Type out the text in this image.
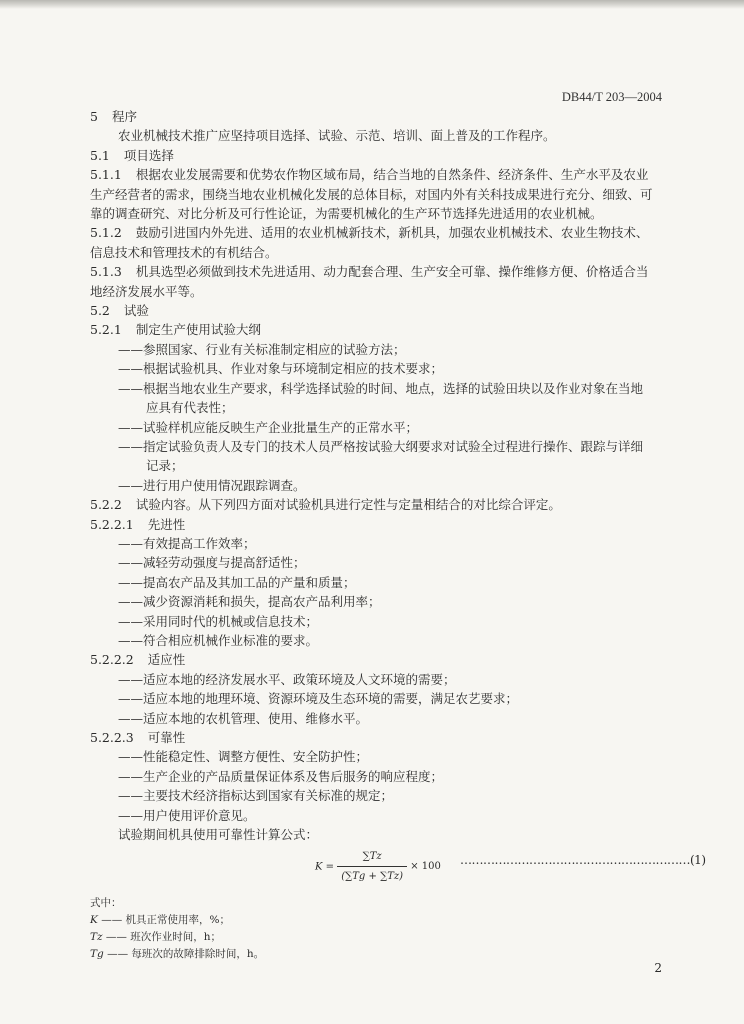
DB44/T 203—2004

5 程序

农业机械技术推广应坚持项目选择、试验、示范、培训、面上普及的工作程序。

5.1 项目选择

5.1.1 根据农业发展需要和优势农作物区域布局，结合当地的自然条件、经济条件、生产水平及农业

生产经营者的需求，围绕当地农业机械化发展的总体目标，对国内外有关科技成果进行充分、细致、可

靠的调查研究、对比分析及可行性论证，为需要机械化的生产环节选择先进适用的农业机械。

5.1.2 鼓励引进国内外先进、适用的农业机械新技术，新机具，加强农业机械技术、农业生物技术、

信息技术和管理技术的有机结合。

5.1.3 机具选型必须做到技术先进适用、动力配套合理、生产安全可靠、操作维修方便、价格适合当

地经济发展水平等。

5.2 试验

5.2.1 制定生产使用试验大纲

——参照国家、行业有关标准制定相应的试验方法；

——根据试验机具、作业对象与环境制定相应的技术要求；

——根据当地农业生产要求，科学选择试验的时间、地点，选择的试验田块以及作业对象在当地

应具有代表性；

——试验样机应能反映生产企业批量生产的正常水平；

——指定试验负责人及专门的技术人员严格按试验大纲要求对试验全过程进行操作、跟踪与详细

记录；

——进行用户使用情况跟踪调查。

5.2.2 试验内容。从下列四方面对试验机具进行定性与定量相结合的对比综合评定。

5.2.2.1 先进性

——有效提高工作效率；

——减轻劳动强度与提高舒适性；

——提高农产品及其加工品的产量和质量；

——减少资源消耗和损失，提高农产品利用率；

——采用同时代的机械或信息技术；

——符合相应机械作业标准的要求。

5.2.2.2 适应性

——适应本地的经济发展水平、政策环境及人文环境的需要；

——适应本地的地理环境、资源环境及生态环境的需要，满足农艺要求；

——适应本地的农机管理、使用、维修水平。

5.2.2.3 可靠性

——性能稳定性、调整方便性、安全防护性；

——生产企业的产品质量保证体系及售后服务的响应程度；

——主要技术经济指标达到国家有关标准的规定；

——用户使用评价意见。

试验期间机具使用可靠性计算公式：
$K = \frac{\sum Tz}{(\sum Tg + \sum Tz)} \times 100$ ……………………………………………………(1)

式中：

K —— 机具正常使用率，%；

Tz —— 班次作业时间，h；

Tg —— 每班次的故障排除时间，h。

2
